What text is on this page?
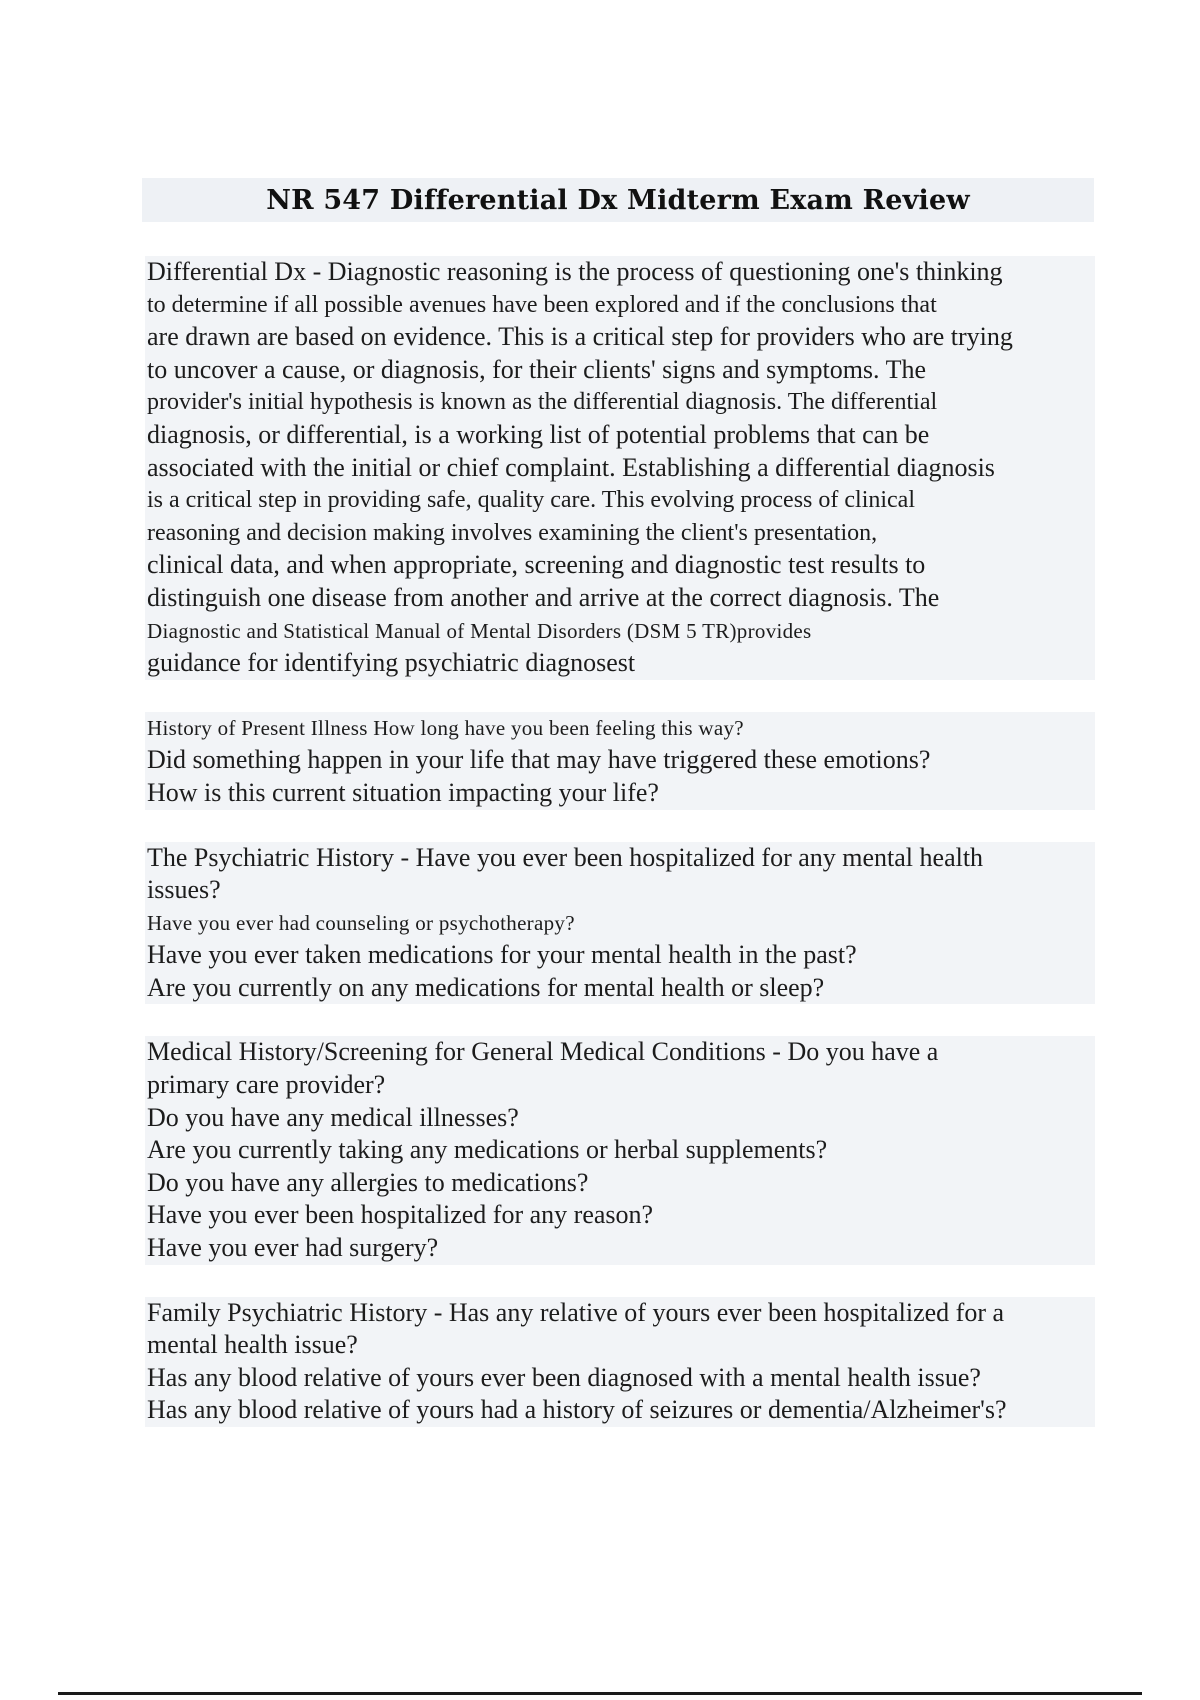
NR 547 Differential Dx Midterm Exam Review
Differential Dx - Diagnostic reasoning is the process of questioning one's thinking
to determine if all possible avenues have been explored and if the conclusions that
are drawn are based on evidence. This is a critical step for providers who are trying
to uncover a cause, or diagnosis, for their clients' signs and symptoms. The
provider's initial hypothesis is known as the differential diagnosis. The differential
diagnosis, or differential, is a working list of potential problems that can be
associated with the initial or chief complaint. Establishing a differential diagnosis
is a critical step in providing safe, quality care. This evolving process of clinical
reasoning and decision making involves examining the client's presentation,
clinical data, and when appropriate, screening and diagnostic test results to
distinguish one disease from another and arrive at the correct diagnosis. The
Diagnostic and Statistical Manual of Mental Disorders (DSM 5 TR)provides
guidance for identifying psychiatric diagnosest
History of Present Illness How long have you been feeling this way?
Did something happen in your life that may have triggered these emotions?
How is this current situation impacting your life?
The Psychiatric History - Have you ever been hospitalized for any mental health
issues?
Have you ever had counseling or psychotherapy?
Have you ever taken medications for your mental health in the past?
Are you currently on any medications for mental health or sleep?
Medical History/Screening for General Medical Conditions - Do you have a
primary care provider?
Do you have any medical illnesses?
Are you currently taking any medications or herbal supplements?
Do you have any allergies to medications?
Have you ever been hospitalized for any reason?
Have you ever had surgery?
Family Psychiatric History - Has any relative of yours ever been hospitalized for a
mental health issue?
Has any blood relative of yours ever been diagnosed with a mental health issue?
Has any blood relative of yours had a history of seizures or dementia/Alzheimer's?
